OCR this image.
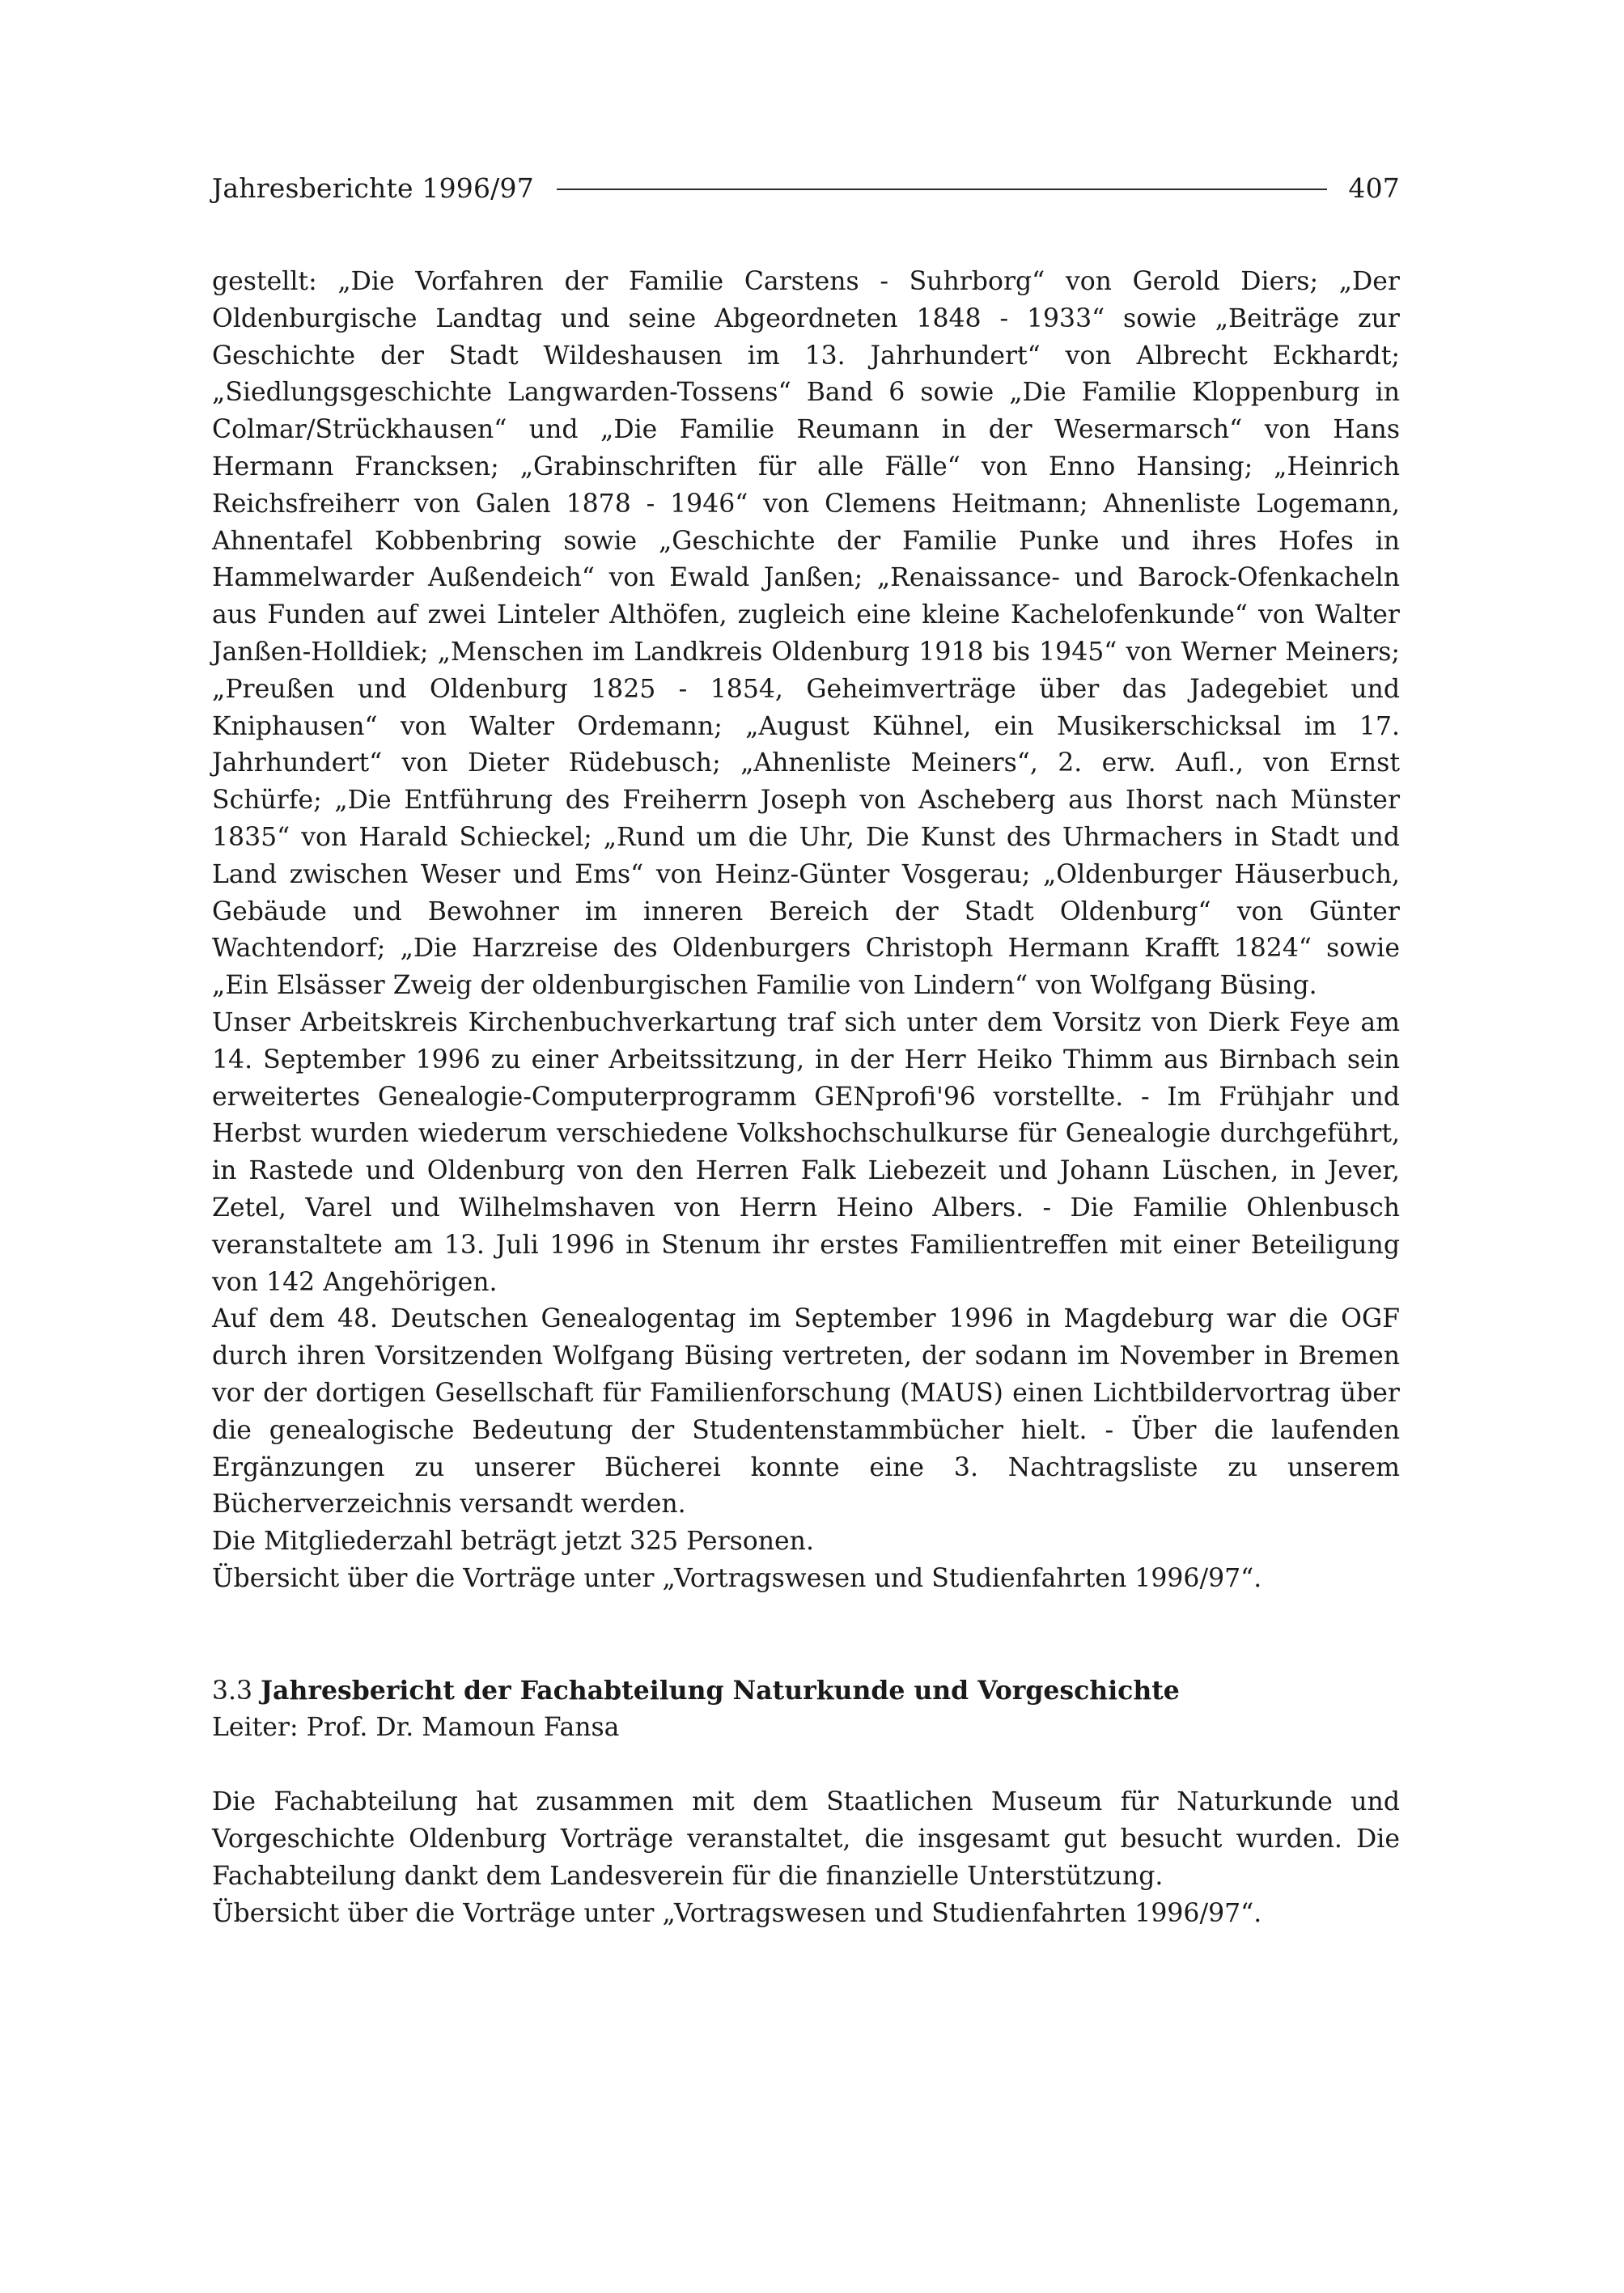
Jahresberichte 1996/97	407

gestellt: „Die Vorfahren der Familie Carstens - Suhrborg“ von Gerold Diers; „Der Oldenburgische Landtag und seine Abgeordneten 1848 - 1933“ sowie „Beiträge zur Geschichte der Stadt Wildeshausen im 13. Jahrhundert“ von Albrecht Eckhardt; „Siedlungsgeschichte Langwarden-Tossens“ Band 6 sowie „Die Familie Kloppenburg in Colmar/Strückhausen“ und „Die Familie Reumann in der Wesermarsch“ von Hans Hermann Francksen; „Grabinschriften für alle Fälle“ von Enno Hansing; „Heinrich Reichsfreiherr von Galen 1878 - 1946“ von Clemens Heitmann; Ahnenliste Logemann, Ahnentafel Kobbenbring sowie „Geschichte der Familie Punke und ihres Hofes in Hammelwarder Außendeich“ von Ewald Janßen; „Renaissance- und Barock-Ofenkacheln aus Funden auf zwei Linteler Althöfen, zugleich eine kleine Kachelofenkunde“ von Walter Janßen-Holldiek; „Menschen im Landkreis Oldenburg 1918 bis 1945“ von Werner Meiners; „Preußen und Oldenburg 1825 - 1854, Geheimverträge über das Jadegebiet und Kniphausen“ von Walter Ordemann; „August Kühnel, ein Musikerschicksal im 17. Jahrhundert“ von Dieter Rüdebusch; „Ahnenliste Meiners“, 2. erw. Aufl., von Ernst Schürfe; „Die Entführung des Freiherrn Joseph von Ascheberg aus Ihorst nach Münster 1835“ von Harald Schieckel; „Rund um die Uhr, Die Kunst des Uhrmachers in Stadt und Land zwischen Weser und Ems“ von Heinz-Günter Vosgerau; „Oldenburger Häuserbuch, Gebäude und Bewohner im inneren Bereich der Stadt Oldenburg“ von Günter Wachtendorf; „Die Harzreise des Oldenburgers Christoph Hermann Krafft 1824“ sowie „Ein Elsässer Zweig der oldenburgischen Familie von Lindern“ von Wolfgang Büsing.

Unser Arbeitskreis Kirchenbuchverkartung traf sich unter dem Vorsitz von Dierk Feye am 14. September 1996 zu einer Arbeitssitzung, in der Herr Heiko Thimm aus Birnbach sein erweitertes Genealogie-Computerprogramm GENprofi'96 vorstellte. - Im Frühjahr und Herbst wurden wiederum verschiedene Volkshochschulkurse für Genealogie durchgeführt, in Rastede und Oldenburg von den Herren Falk Liebezeit und Johann Lüschen, in Jever, Zetel, Varel und Wilhelmshaven von Herrn Heino Albers. - Die Familie Ohlenbusch veranstaltete am 13. Juli 1996 in Stenum ihr erstes Familientreffen mit einer Beteiligung von 142 Angehörigen.

Auf dem 48. Deutschen Genealogentag im September 1996 in Magdeburg war die OGF durch ihren Vorsitzenden Wolfgang Büsing vertreten, der sodann im November in Bremen vor der dortigen Gesellschaft für Familienforschung (MAUS) einen Lichtbildervortrag über die genealogische Bedeutung der Studentenstammbücher hielt. - Über die laufenden Ergänzungen zu unserer Bücherei konnte eine 3. Nachtragsliste zu unserem Bücherverzeichnis versandt werden.

Die Mitgliederzahl beträgt jetzt 325 Personen.

Übersicht über die Vorträge unter „Vortragswesen und Studienfahrten 1996/97“.

3.3 Jahresbericht der Fachabteilung Naturkunde und Vorgeschichte

Leiter: Prof. Dr. Mamoun Fansa

Die Fachabteilung hat zusammen mit dem Staatlichen Museum für Naturkunde und Vorgeschichte Oldenburg Vorträge veranstaltet, die insgesamt gut besucht wurden. Die Fachabteilung dankt dem Landesverein für die finanzielle Unterstützung.

Übersicht über die Vorträge unter „Vortragswesen und Studienfahrten 1996/97“.
